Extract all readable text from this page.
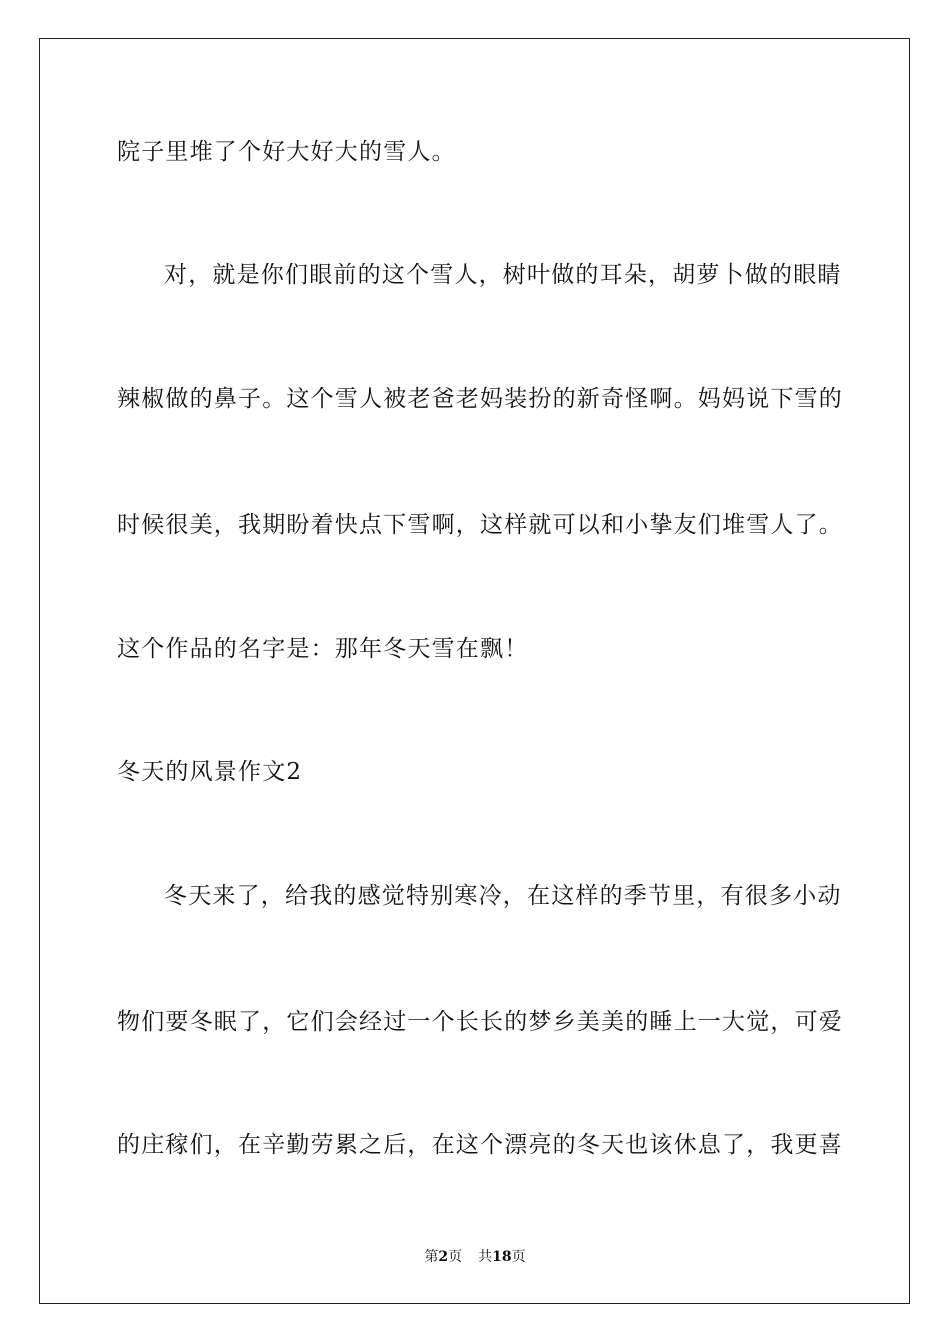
院子里堆了个好大好大的雪人。
对，就是你们眼前的这个雪人，树叶做的耳朵，胡萝卜做的眼睛
辣椒做的鼻子。这个雪人被老爸老妈装扮的新奇怪啊。妈妈说下雪的
时候很美，我期盼着快点下雪啊，这样就可以和小挚友们堆雪人了。
这个作品的名字是：那年冬天雪在飘！
冬天的风景作文2
冬天来了，给我的感觉特别寒冷，在这样的季节里，有很多小动
物们要冬眠了，它们会经过一个长长的梦乡美美的睡上一大觉，可爱
的庄稼们，在辛勤劳累之后，在这个漂亮的冬天也该休息了，我更喜
第2页 共18页
